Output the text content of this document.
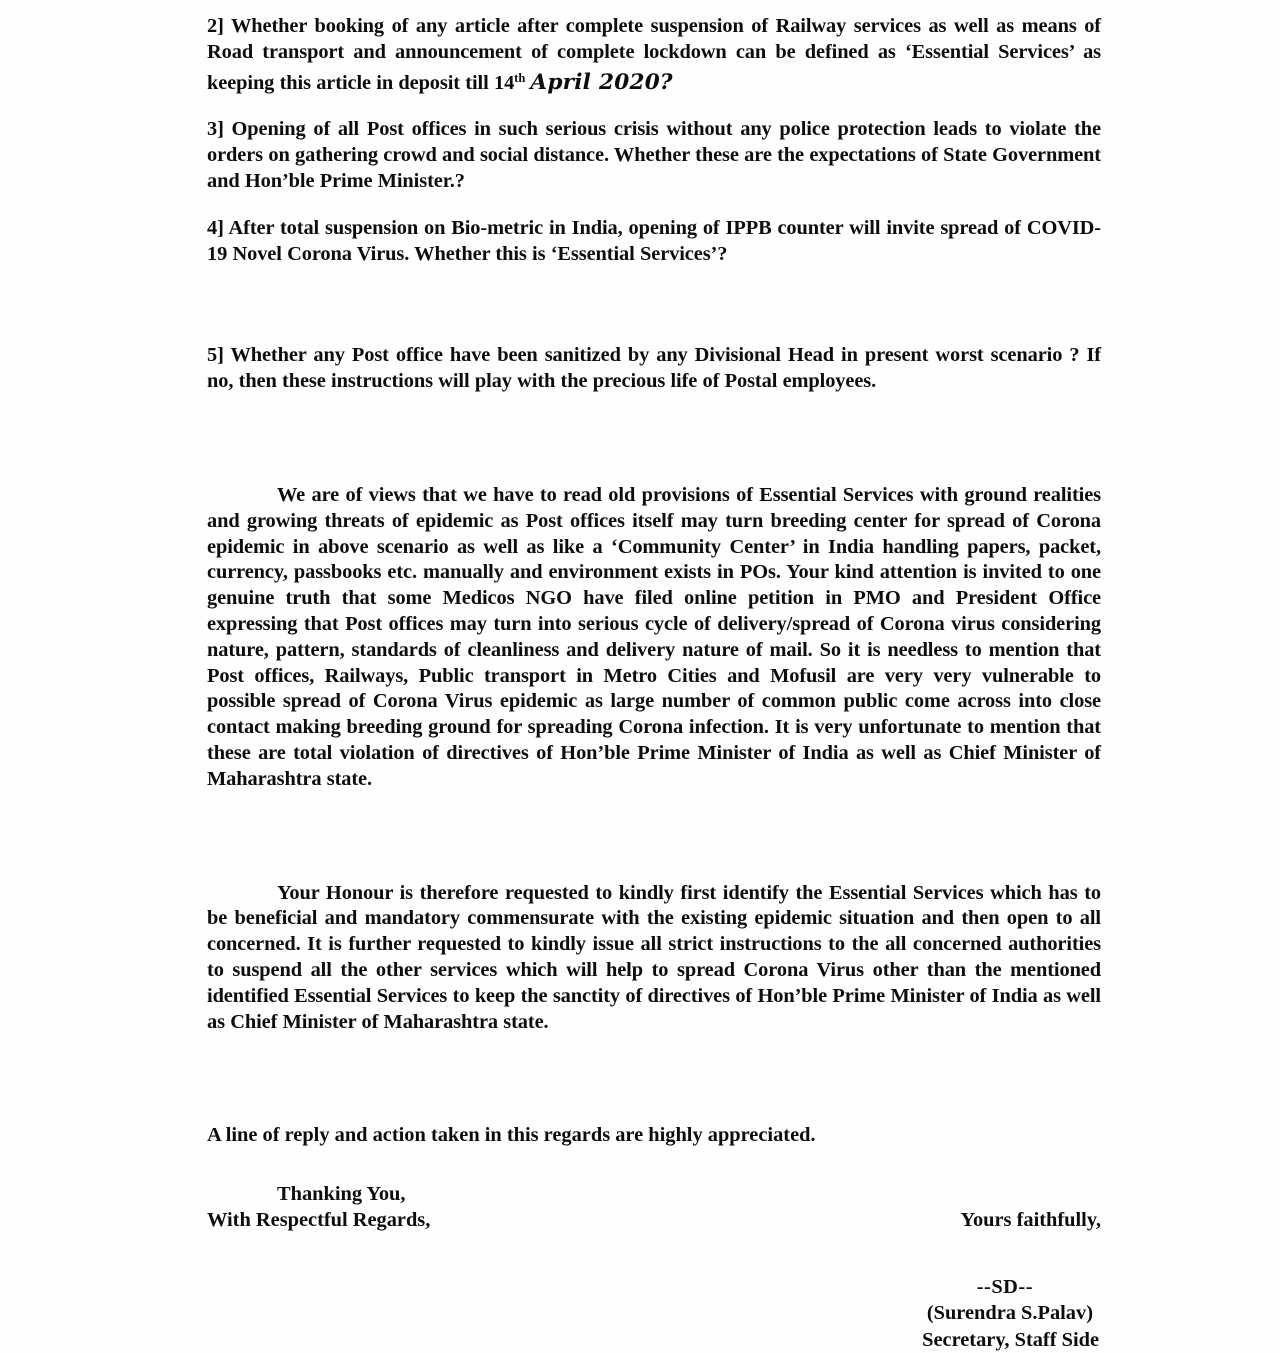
2] Whether booking of any article after complete suspension of Railway services as well as means of Road transport and announcement of complete lockdown can be defined as ‘Essential Services’ as keeping this article in deposit till 14th April 2020?

3] Opening of all Post offices in such serious crisis without any police protection leads to violate the orders on gathering crowd and social distance. Whether these are the expectations of State Government and Hon’ble Prime Minister.?

4] After total suspension on Bio-metric in India, opening of IPPB counter will invite spread of COVID-19 Novel Corona Virus. Whether this is ‘Essential Services’?

5] Whether any Post office have been sanitized by any Divisional Head in present worst scenario ? If no, then these instructions will play with the precious life of Postal employees.

We are of views that we have to read old provisions of Essential Services with ground realities and growing threats of epidemic as Post offices itself may turn breeding center for spread of Corona epidemic in above scenario as well as like a ‘Community Center’ in India handling papers, packet, currency, passbooks etc. manually and environment exists in POs. Your kind attention is invited to one genuine truth that some Medicos NGO have filed online petition in PMO and President Office expressing that Post offices may turn into serious cycle of delivery/spread of Corona virus considering nature, pattern, standards of cleanliness and delivery nature of mail. So it is needless to mention that Post offices, Railways, Public transport in Metro Cities and Mofusil are very very vulnerable to possible spread of Corona Virus epidemic as large number of common public come across into close contact making breeding ground for spreading Corona infection. It is very unfortunate to mention that these are total violation of directives of Hon’ble Prime Minister of India as well as Chief Minister of Maharashtra state.

Your Honour is therefore requested to kindly first identify the Essential Services which has to be beneficial and mandatory commensurate with the existing epidemic situation and then open to all concerned. It is further requested to kindly issue all strict instructions to the all concerned authorities to suspend all the other services which will help to spread Corona Virus other than the mentioned identified Essential Services to keep the sanctity of directives of Hon’ble Prime Minister of India as well as Chief Minister of Maharashtra state.

A line of reply and action taken in this regards are highly appreciated.

Thanking You,

With Respectful Regards,	Yours faithfully,
--SD--
(Surendra S.Palav)
Secretary, Staff Side
